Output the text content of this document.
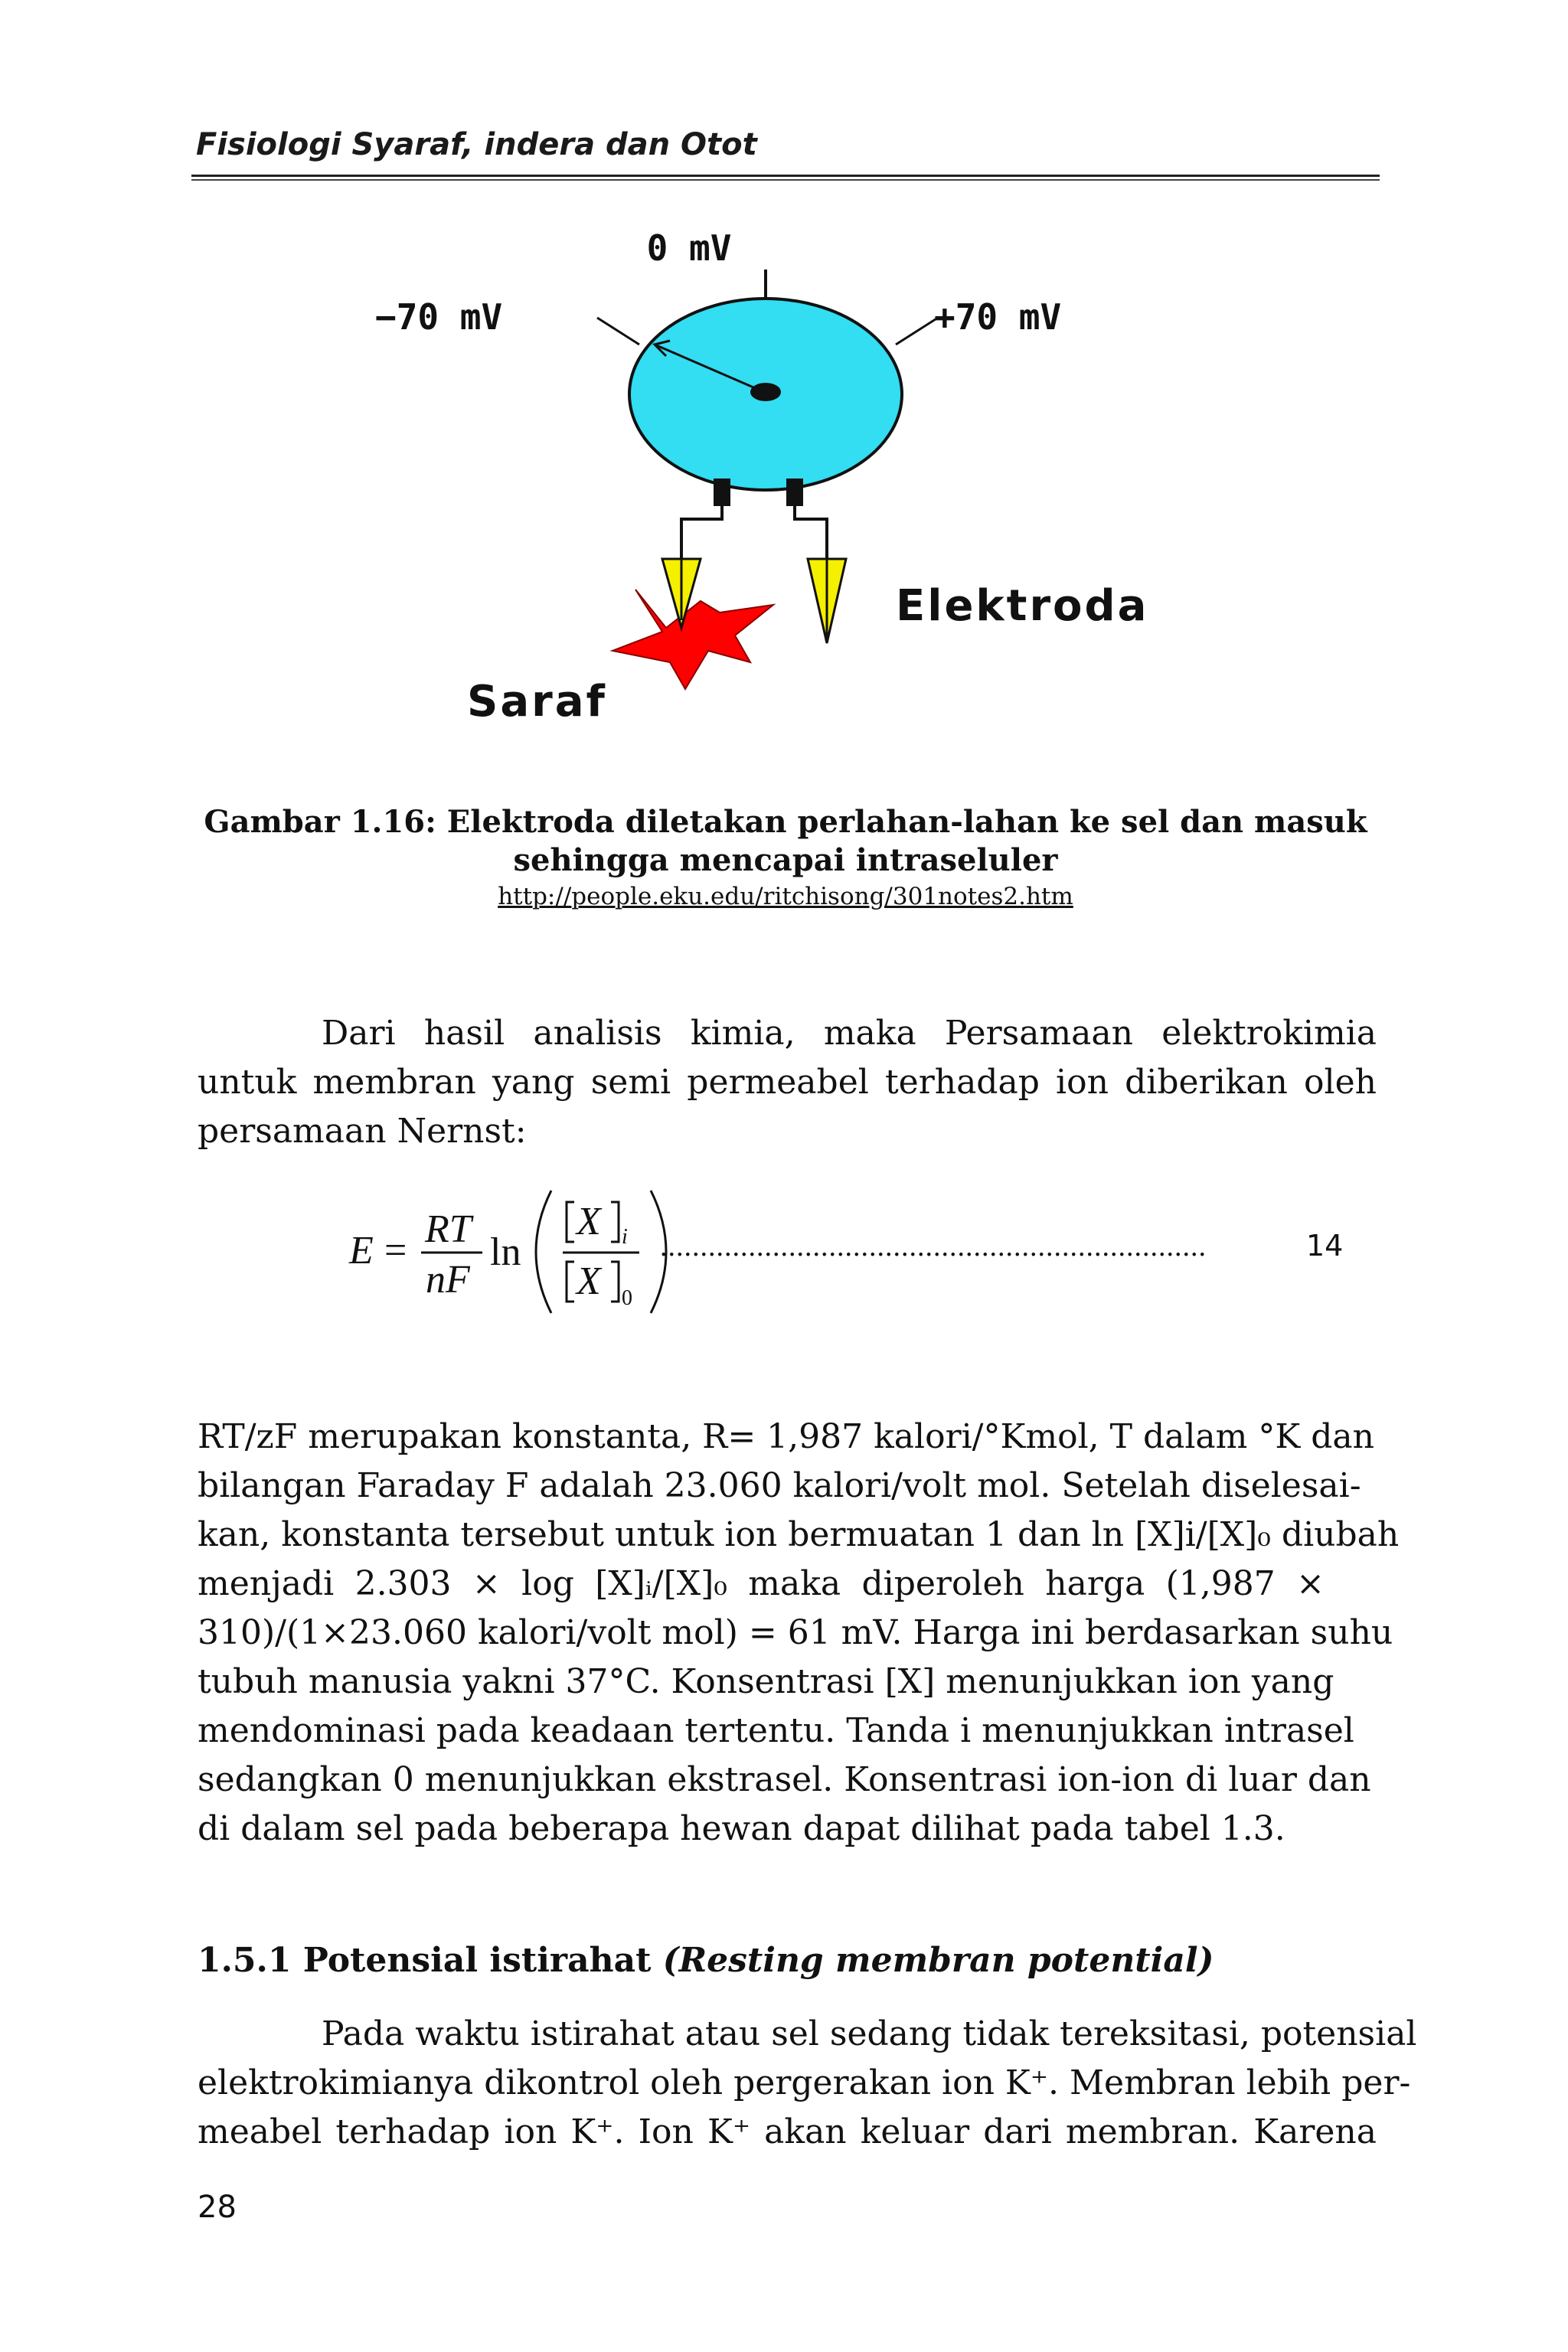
Fisiologi Syaraf, indera dan Otot
0 mV
−70 mV	+70 mV
Elektroda
Saraf
Gambar 1.16: Elektroda diletakan perlahan-lahan ke sel dan masuk
sehingga mencapai intraseluler
http://people.eku.edu/ritchisong/301notes2.htm
Dari hasil analisis kimia, maka Persamaan elektrokimia untuk membran yang semi permeabel terhadap ion diberikan oleh persamaan Nernst:
E = RT
nF
ln
X i
X 0
....................................................................	14
RT/zF merupakan konstanta, R= 1,987 kalori/°Kmol, T dalam °K dan
bilangan Faraday F adalah 23.060 kalori/volt mol. Setelah diselesai-
kan, konstanta tersebut untuk ion bermuatan 1 dan ln [X]i/[X]₀ diubah
menjadi 2.303 × log [X]ᵢ/[X]₀ maka diperoleh harga (1,987 ×
310)/(1×23.060 kalori/volt mol) = 61 mV. Harga ini berdasarkan suhu
tubuh manusia yakni 37°C. Konsentrasi [X] menunjukkan ion yang
mendominasi pada keadaan tertentu. Tanda i menunjukkan intrasel
sedangkan 0 menunjukkan ekstrasel. Konsentrasi ion-ion di luar dan
di dalam sel pada beberapa hewan dapat dilihat pada tabel 1.3.
1.5.1 Potensial istirahat (Resting membran potential)
Pada waktu istirahat atau sel sedang tidak tereksitasi, potensial
elektrokimianya dikontrol oleh pergerakan ion K⁺. Membran lebih per-
meabel terhadap ion K⁺. Ion K⁺ akan keluar dari membran. Karena
28
